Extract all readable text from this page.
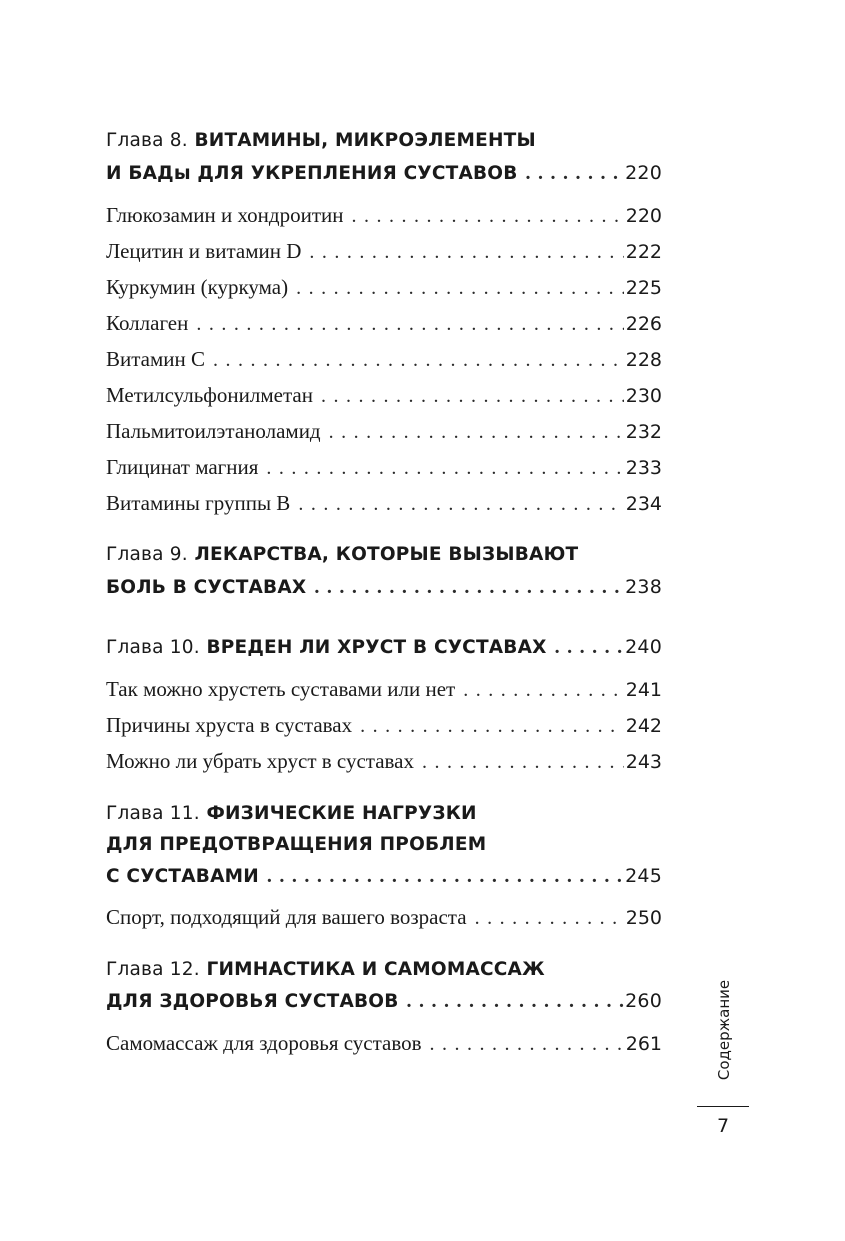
Глава 8. ВИТАМИНЫ, МИКРОЭЛЕМЕНТЫ
И БАДы ДЛЯ УКРЕПЛЕНИЯ СУСТАВОВ . . .	220
Глюкозамин и хондроитин . . .	220
Лецитин и витамин D . . .	222
Куркумин (куркума) . . .	225
Коллаген . . .	226
Витамин С . . .	228
Метилсульфонилметан . . .	230
Пальмитоилэтаноламид . . .	232
Глицинат магния . . .	233
Витамины группы В . . .	234
Глава 9. ЛЕКАРСТВА, КОТОРЫЕ ВЫЗЫВАЮТ
БОЛЬ В СУСТАВАХ . . .	238
Глава 10. ВРЕДЕН ЛИ ХРУСТ В СУСТАВАХ . . .	240
Так можно хрустеть суставами или нет . . .	241
Причины хруста в суставах . . .	242
Можно ли убрать хруст в суставах . . .	243
Глава 11. ФИЗИЧЕСКИЕ НАГРУЗКИ
ДЛЯ ПРЕДОТВРАЩЕНИЯ ПРОБЛЕМ
С СУСТАВАМИ . . .	245
Спорт, подходящий для вашего возраста . . .	250
Глава 12. ГИМНАСТИКА И САМОМАССАЖ
ДЛЯ ЗДОРОВЬЯ СУСТАВОВ . . .	260
Самомассаж для здоровья суставов . . .	261	Содержание
7
